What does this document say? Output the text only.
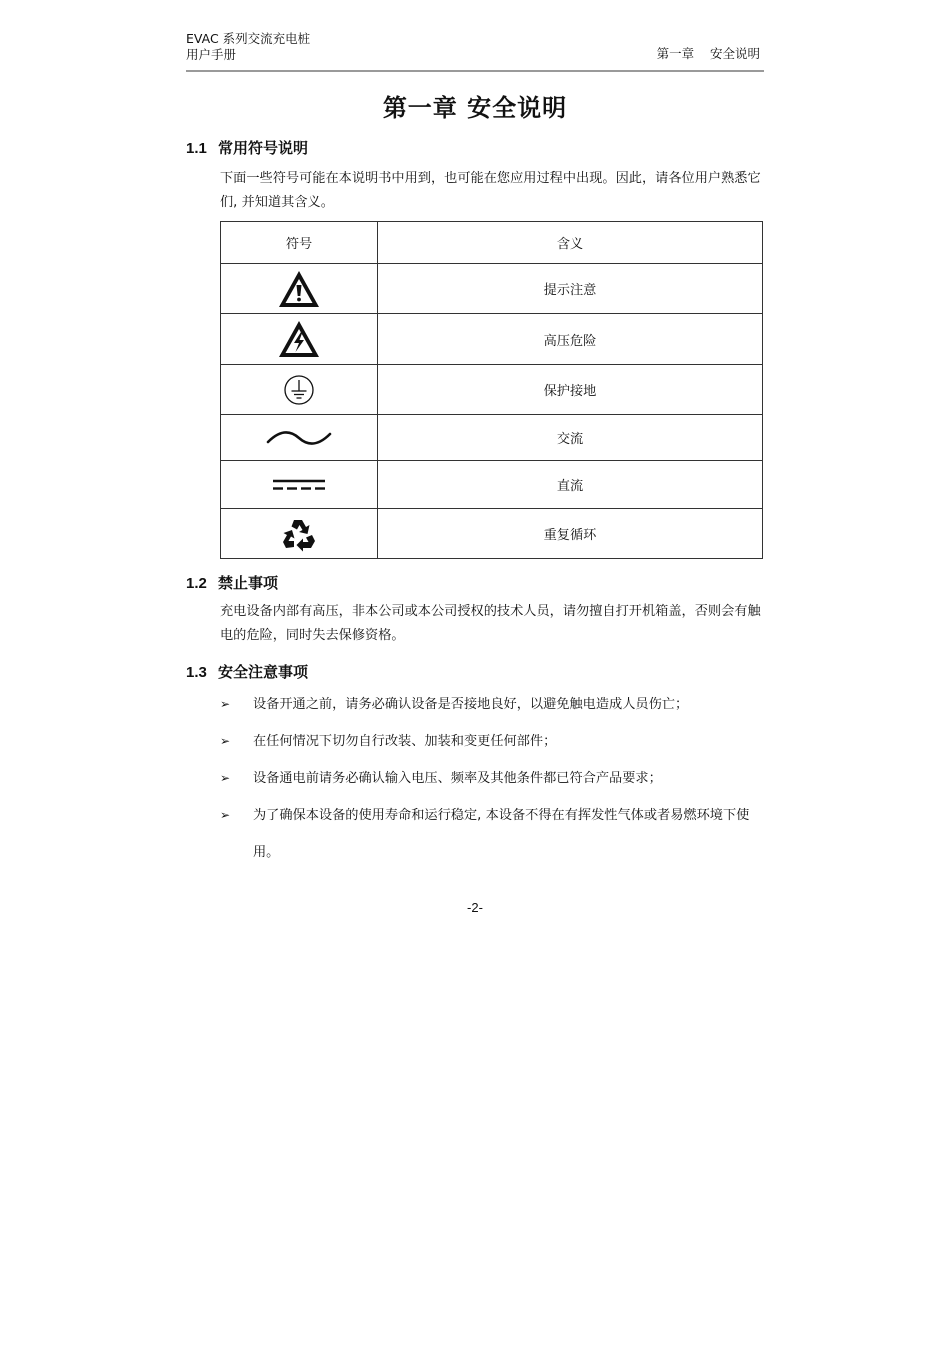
EVAC 系列交流充电桩
用户手册	第一章    安全说明
第一章 安全说明
1.1 常用符号说明
下面一些符号可能在本说明书中用到，也可能在您应用过程中出现。因此，请各位用户熟悉它们, 并知道其含义。
符号	含义

	提示注意

	高压危险

	保护接地

	交流

	直流

	重复循环
1.2 禁止事项
充电设备内部有高压，非本公司或本公司授权的技术人员，请勿擅自打开机箱盖，否则会有触电的危险，同时失去保修资格。
1.3 安全注意事项
➢ 设备开通之前，请务必确认设备是否接地良好，以避免触电造成人员伤亡；
➢ 在任何情况下切勿自行改装、加装和变更任何部件；
➢ 设备通电前请务必确认输入电压、频率及其他条件都已符合产品要求；
➢ 为了确保本设备的使用寿命和运行稳定, 本设备不得在有挥发性气体或者易燃环境下使用。
-2-
